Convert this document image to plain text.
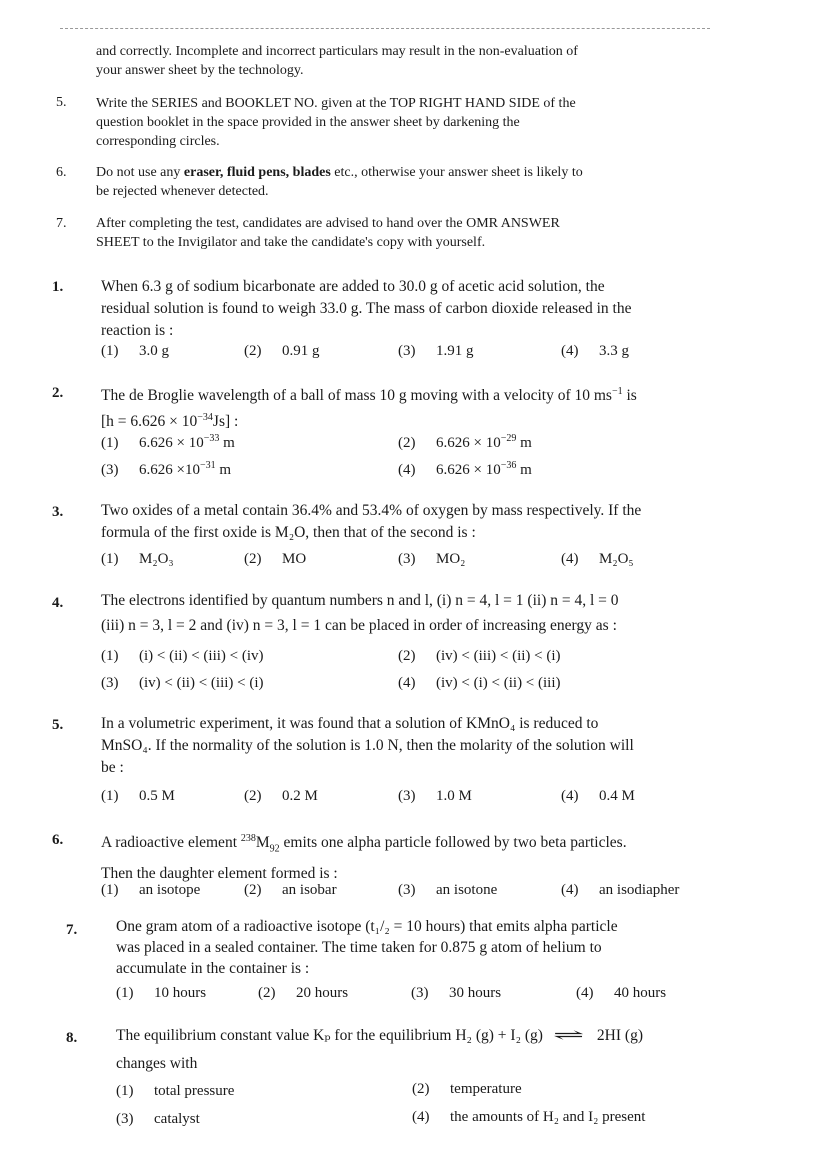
and correctly. Incomplete and incorrect particulars may result in the non-evaluation of
your answer sheet by the technology.
5. Write the SERIES and BOOKLET NO. given at the TOP RIGHT HAND SIDE of the
question booklet in the space provided in the answer sheet by darkening the
corresponding circles.
6. Do not use any eraser, fluid pens, blades etc., otherwise your answer sheet is likely to
be rejected whenever detected.
7. After completing the test, candidates are advised to hand over the OMR ANSWER
SHEET to the Invigilator and take the candidate's copy with yourself.
1. When 6.3 g of sodium bicarbonate are added to 30.0 g of acetic acid solution, the
residual solution is found to weigh 33.0 g. The mass of carbon dioxide released in the
reaction is :
(1) 3.0 g	(2) 0.91 g	(3) 1.91 g	(4) 3.3 g
2. The de Broglie wavelength of a ball of mass 10 g moving with a velocity of 10 $ms^{-1}$ is
$[h = 6.626 \times 10^{-34}Js]$ :
(1) $6.626 \times 10^{-33}$ m	(2) $6.626 \times 10^{-29}$ m
(3) $6.626 \times 10^{-31}$ m	(4) $6.626 \times 10^{-36}$ m
3. Two oxides of a metal contain 36.4% and 53.4% of oxygen by mass respectively. If the
formula of the first oxide is M₂O, then that of the second is :
(1) M₂O₃	(2) MO	(3) MO₂	(4) M₂O₅
4. The electrons identified by quantum numbers n and l, (i) n = 4, l = 1 (ii) n = 4, l = 0
(iii) n = 3, l = 2 and (iv) n = 3, l = 1 can be placed in order of increasing energy as :
(1) (i) < (ii) < (iii) < (iv)	(2) (iv) < (iii) < (ii) < (i)
(3) (iv) < (ii) < (iii) < (i)	(4) (iv) < (i) < (ii) < (iii)
5. In a volumetric experiment, it was found that a solution of KMnO₄ is reduced to
MnSO₄. If the normality of the solution is 1.0 N, then the molarity of the solution will
be :
(1) 0.5 M	(2) 0.2 M	(3) 1.0 M	(4) 0.4 M
6. A radioactive element $^{238}M_{92}$ emits one alpha particle followed by two beta particles.
Then the daughter element formed is :
(1) an isotope	(2) an isobar	(3) an isotone	(4) an isodiapher
7.	One gram atom of a radioactive isotope (t₁/₂ = 10 hours) that emits alpha particle
was placed in a sealed container. The time taken for 0.875 g atom of helium to
accumulate in the container is :
(1) 10 hours	(2) 20 hours	(3) 30 hours	(4) 40 hours
8.	The equilibrium constant value Kₚ for the equilibrium H₂ (g) + I₂ (g) ⇌ 2HI (g)
changes with
(1) total pressure	(2) temperature
(3) catalyst	(4) the amounts of H₂ and I₂ present
